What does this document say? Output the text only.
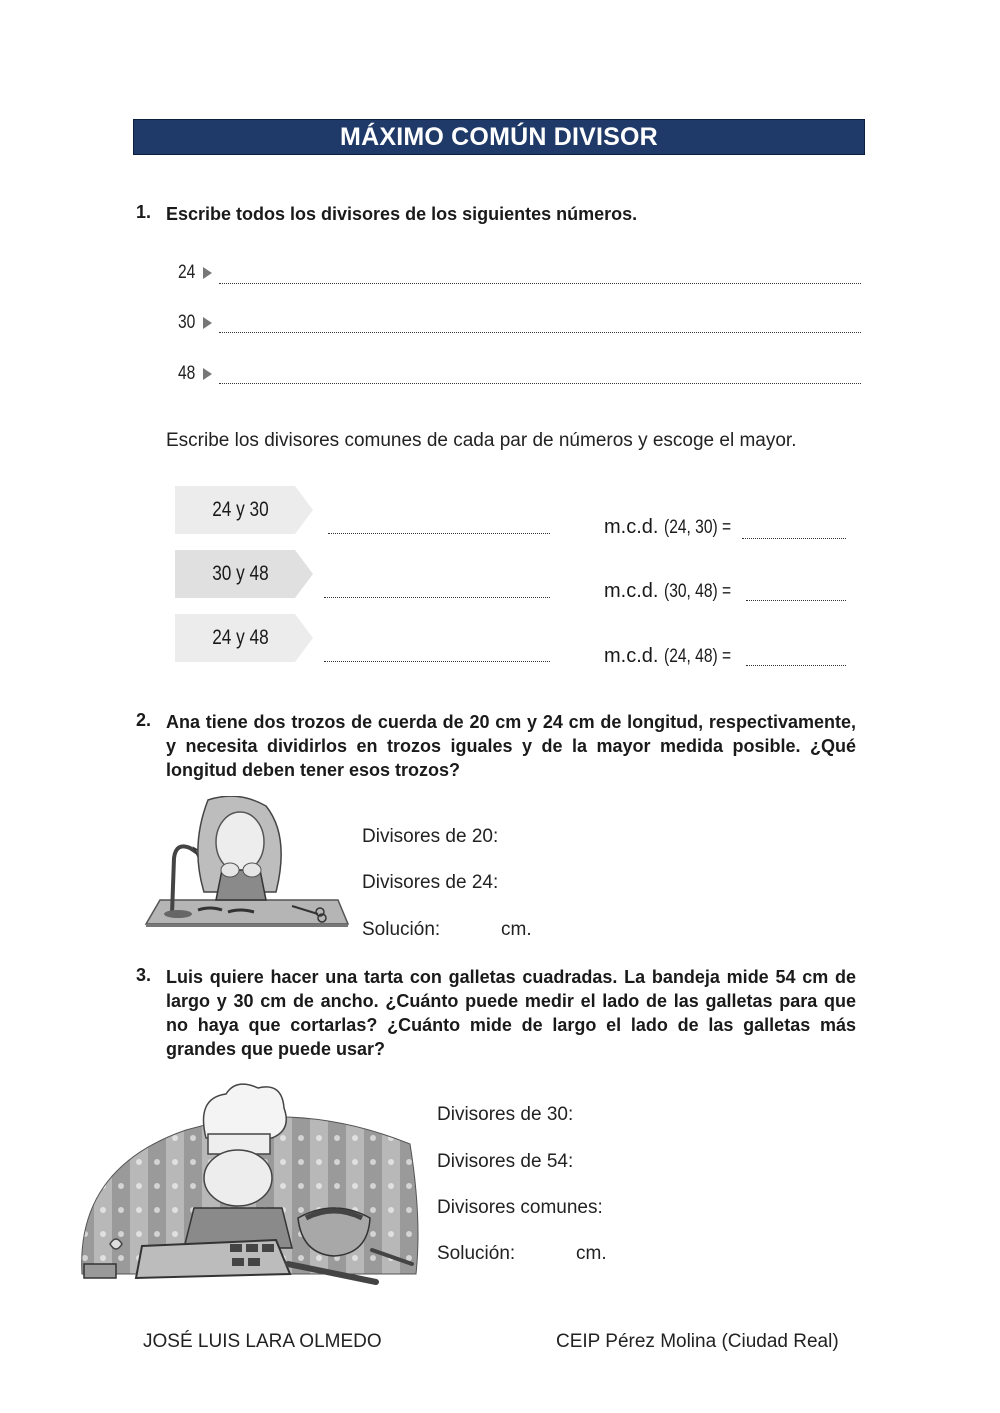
MÁXIMO COMÚN DIVISOR
1. Escribe todos los divisores de los siguientes números.
24
30
48
Escribe los divisores comunes de cada par de números y escoge el mayor.
24 y 30
m.c.d. (24, 30) =
30 y 48
m.c.d. (30, 48) =
24 y 48
m.c.d. (24, 48) =
2. Ana tiene dos trozos de cuerda de 20 cm y 24 cm de longitud, respectivamente, y necesita dividirlos en trozos iguales y de la mayor medida posible. ¿Qué longitud deben tener esos trozos?
Divisores de 20:
Divisores de 24:
Solución:	cm.
3. Luis quiere hacer una tarta con galletas cuadradas. La bandeja mide 54 cm de largo y 30 cm de ancho. ¿Cuánto puede medir el lado de las galletas para que no haya que cortarlas? ¿Cuánto mide de largo el lado de las galletas más grandes que puede usar?
Divisores de 30:
Divisores de 54:
Divisores comunes:
Solución:	cm.
JOSÉ LUIS LARA OLMEDO	CEIP Pérez Molina (Ciudad Real)
